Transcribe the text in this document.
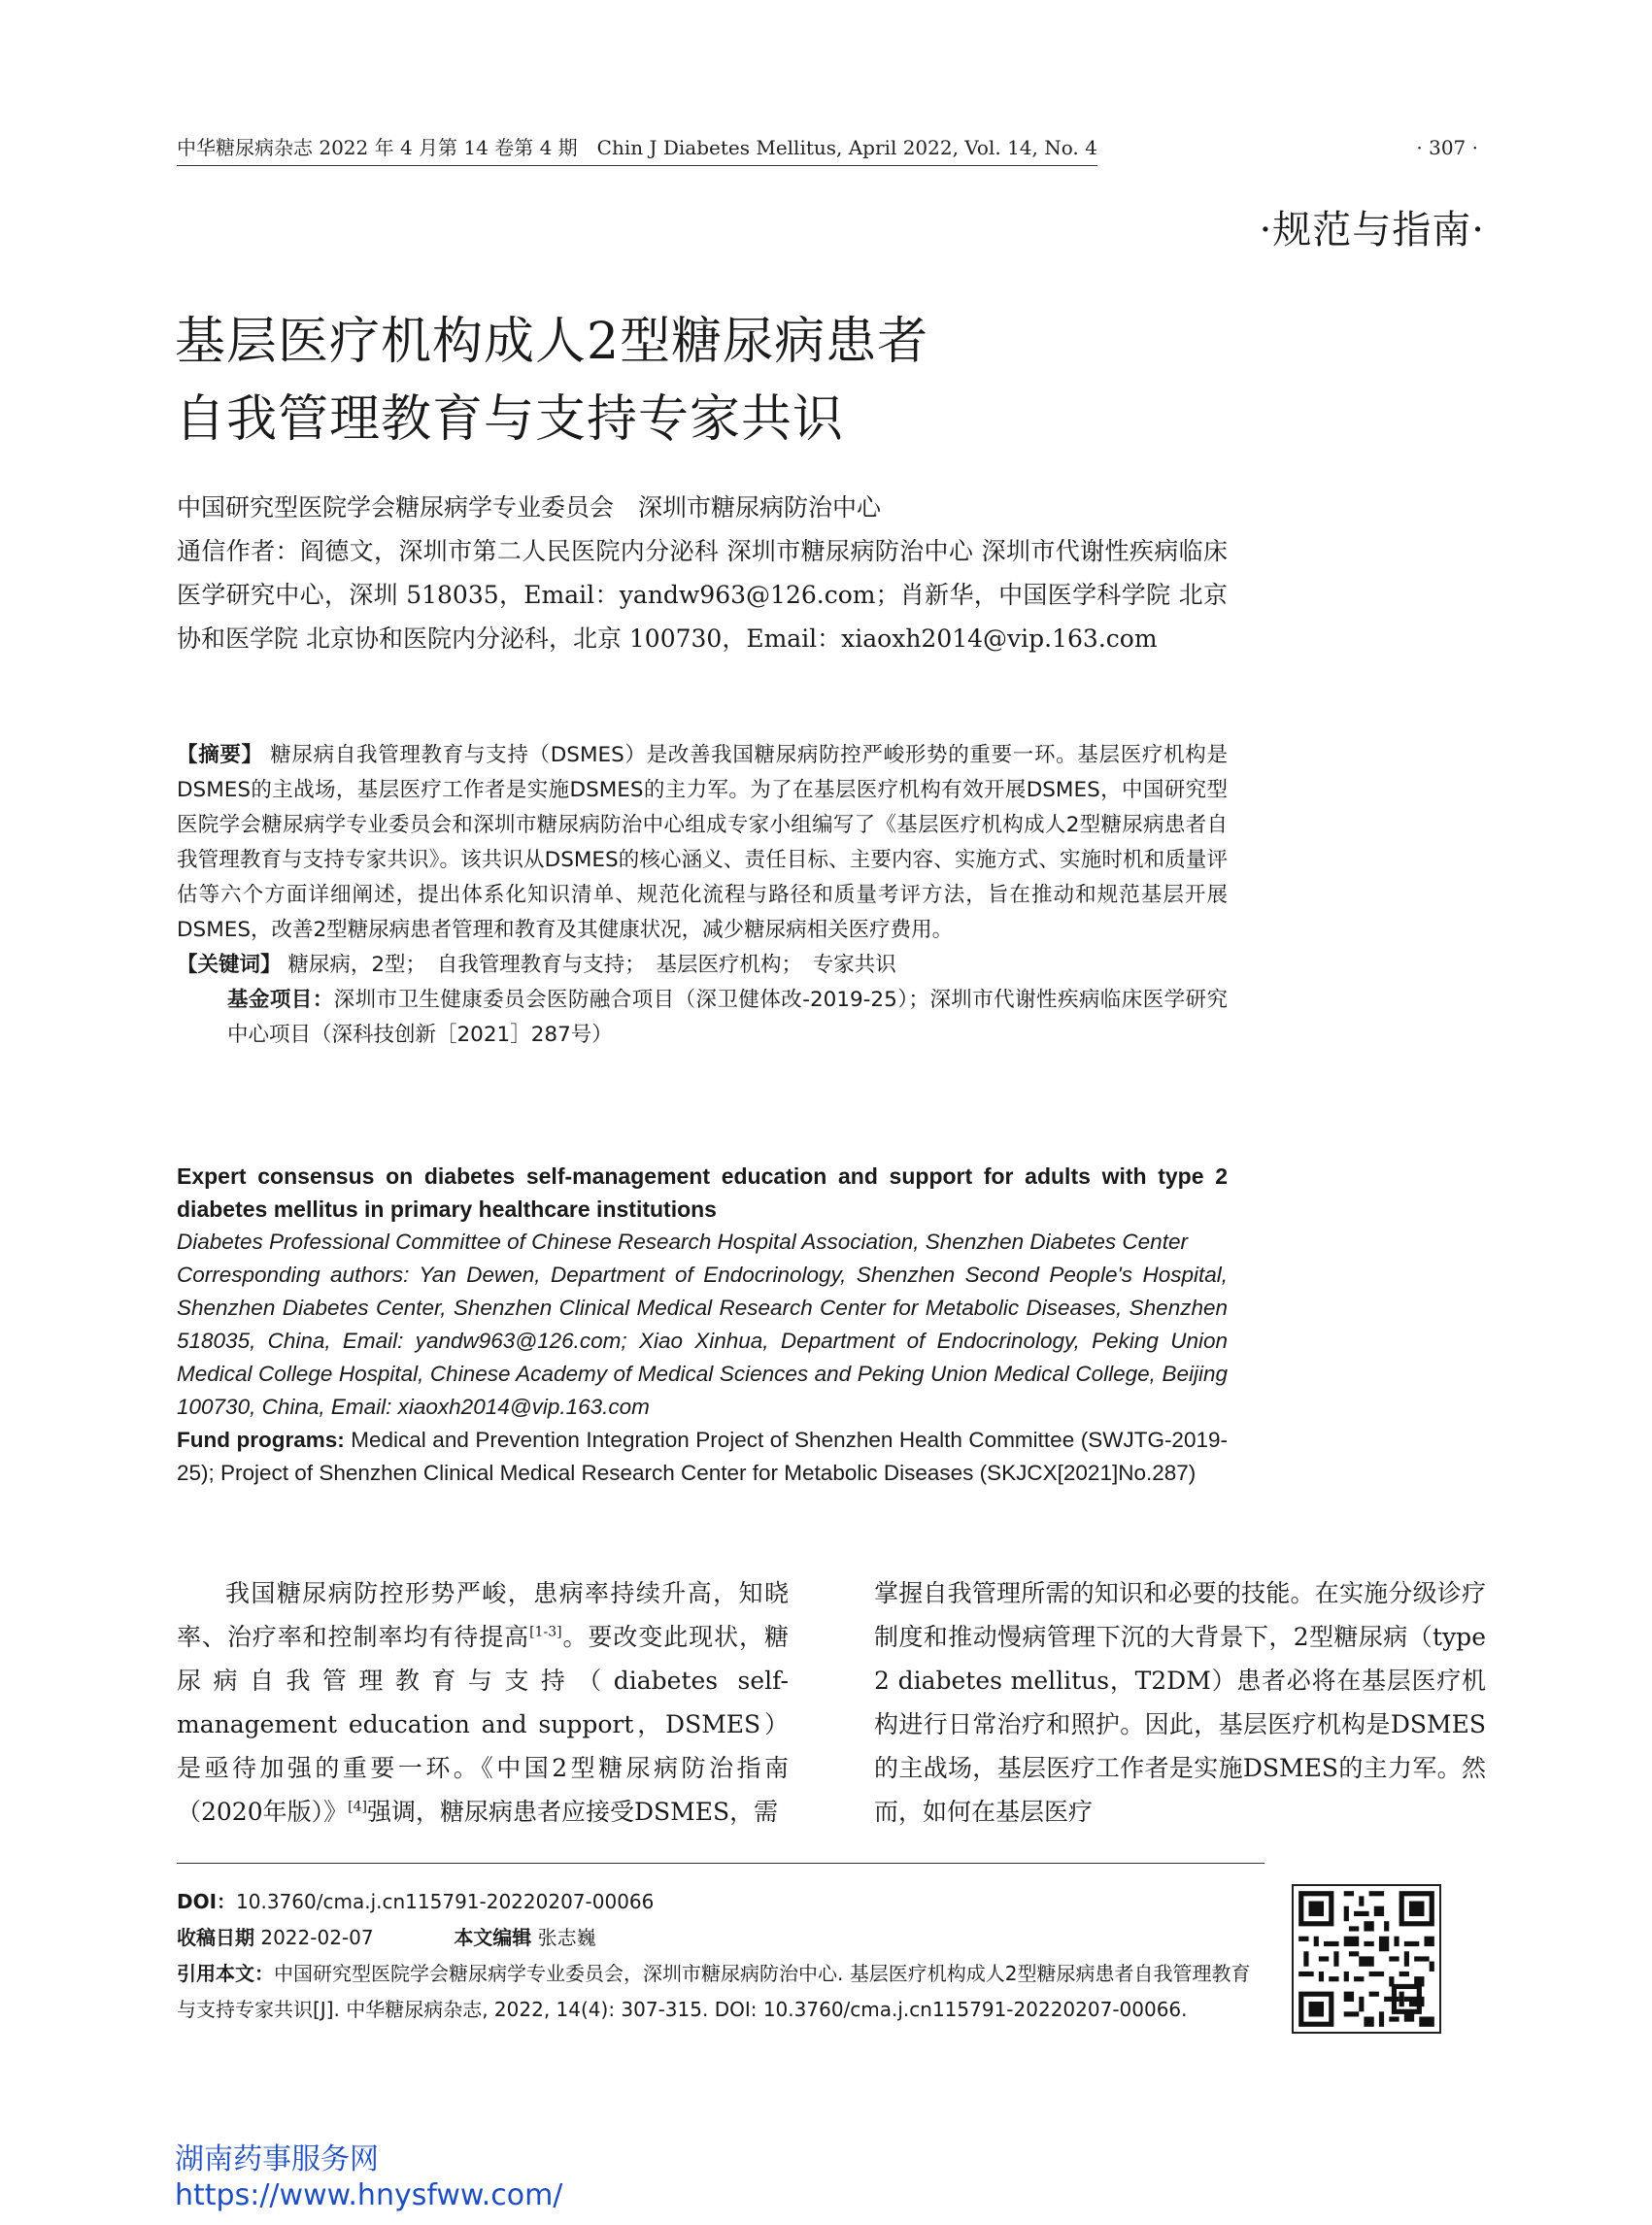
中华糖尿病杂志 2022 年 4 月第 14 卷第 4 期　Chin J Diabetes Mellitus, April 2022, Vol. 14, No. 4	· 307 ·
·规范与指南·
基层医疗机构成人2型糖尿病患者
自我管理教育与支持专家共识

中国研究型医院学会糖尿病学专业委员会　深圳市糖尿病防治中心

通信作者：阎德文，深圳市第二人民医院内分泌科 深圳市糖尿病防治中心 深圳市代谢性疾病临床医学研究中心，深圳 518035，Email：yandw963@126.com；肖新华，中国医学科学院 北京协和医学院 北京协和医院内分泌科，北京 100730，Email：xiaoxh2014@vip.163.com

【摘要】 糖尿病自我管理教育与支持（DSMES）是改善我国糖尿病防控严峻形势的重要一环。基层医疗机构是DSMES的主战场，基层医疗工作者是实施DSMES的主力军。为了在基层医疗机构有效开展DSMES，中国研究型医院学会糖尿病学专业委员会和深圳市糖尿病防治中心组成专家小组编写了《基层医疗机构成人2型糖尿病患者自我管理教育与支持专家共识》。该共识从DSMES的核心涵义、责任目标、主要内容、实施方式、实施时机和质量评估等六个方面详细阐述，提出体系化知识清单、规范化流程与路径和质量考评方法，旨在推动和规范基层开展DSMES，改善2型糖尿病患者管理和教育及其健康状况，减少糖尿病相关医疗费用。

【关键词】 糖尿病，2型；　自我管理教育与支持；　基层医疗机构；　专家共识

基金项目：深圳市卫生健康委员会医防融合项目（深卫健体改-2019-25）；深圳市代谢性疾病临床医学研究中心项目（深科技创新［2021］287号）

Expert consensus on diabetes self-management education and support for adults with type 2 diabetes mellitus in primary healthcare institutions

Diabetes Professional Committee of Chinese Research Hospital Association, Shenzhen Diabetes Center

Corresponding authors: Yan Dewen, Department of Endocrinology, Shenzhen Second People's Hospital, Shenzhen Diabetes Center, Shenzhen Clinical Medical Research Center for Metabolic Diseases, Shenzhen 518035, China, Email: yandw963@126.com; Xiao Xinhua, Department of Endocrinology, Peking Union Medical College Hospital, Chinese Academy of Medical Sciences and Peking Union Medical College, Beijing 100730, China, Email: xiaoxh2014@vip.163.com

Fund programs: Medical and Prevention Integration Project of Shenzhen Health Committee (SWJTG-2019-25); Project of Shenzhen Clinical Medical Research Center for Metabolic Diseases (SKJCX[2021]No.287)

我国糖尿病防控形势严峻，患病率持续升高，知晓率、治疗率和控制率均有待提高[1-3]。要改变此现状，糖尿病自我管理教育与支持（diabetes self-management education and support，DSMES）是亟待加强的重要一环。《中国2型糖尿病防治指南（2020年版）》[4]强调，糖尿病患者应接受DSMES，需

掌握自我管理所需的知识和必要的技能。在实施分级诊疗制度和推动慢病管理下沉的大背景下，2型糖尿病（type 2 diabetes mellitus，T2DM）患者必将在基层医疗机构进行日常治疗和照护。因此，基层医疗机构是DSMES的主战场，基层医疗工作者是实施DSMES的主力军。然而，如何在基层医疗

DOI：10.3760/cma.j.cn115791-20220207-00066

收稿日期 2022-02-07	本文编辑 张志巍

引用本文：中国研究型医院学会糖尿病学专业委员会，深圳市糖尿病防治中心. 基层医疗机构成人2型糖尿病患者自我管理教育与支持专家共识[J]. 中华糖尿病杂志, 2022, 14(4): 307-315. DOI: 10.3760/cma.j.cn115791-20220207-00066.

湖南药事服务网
https://www.hnysfww.com/
